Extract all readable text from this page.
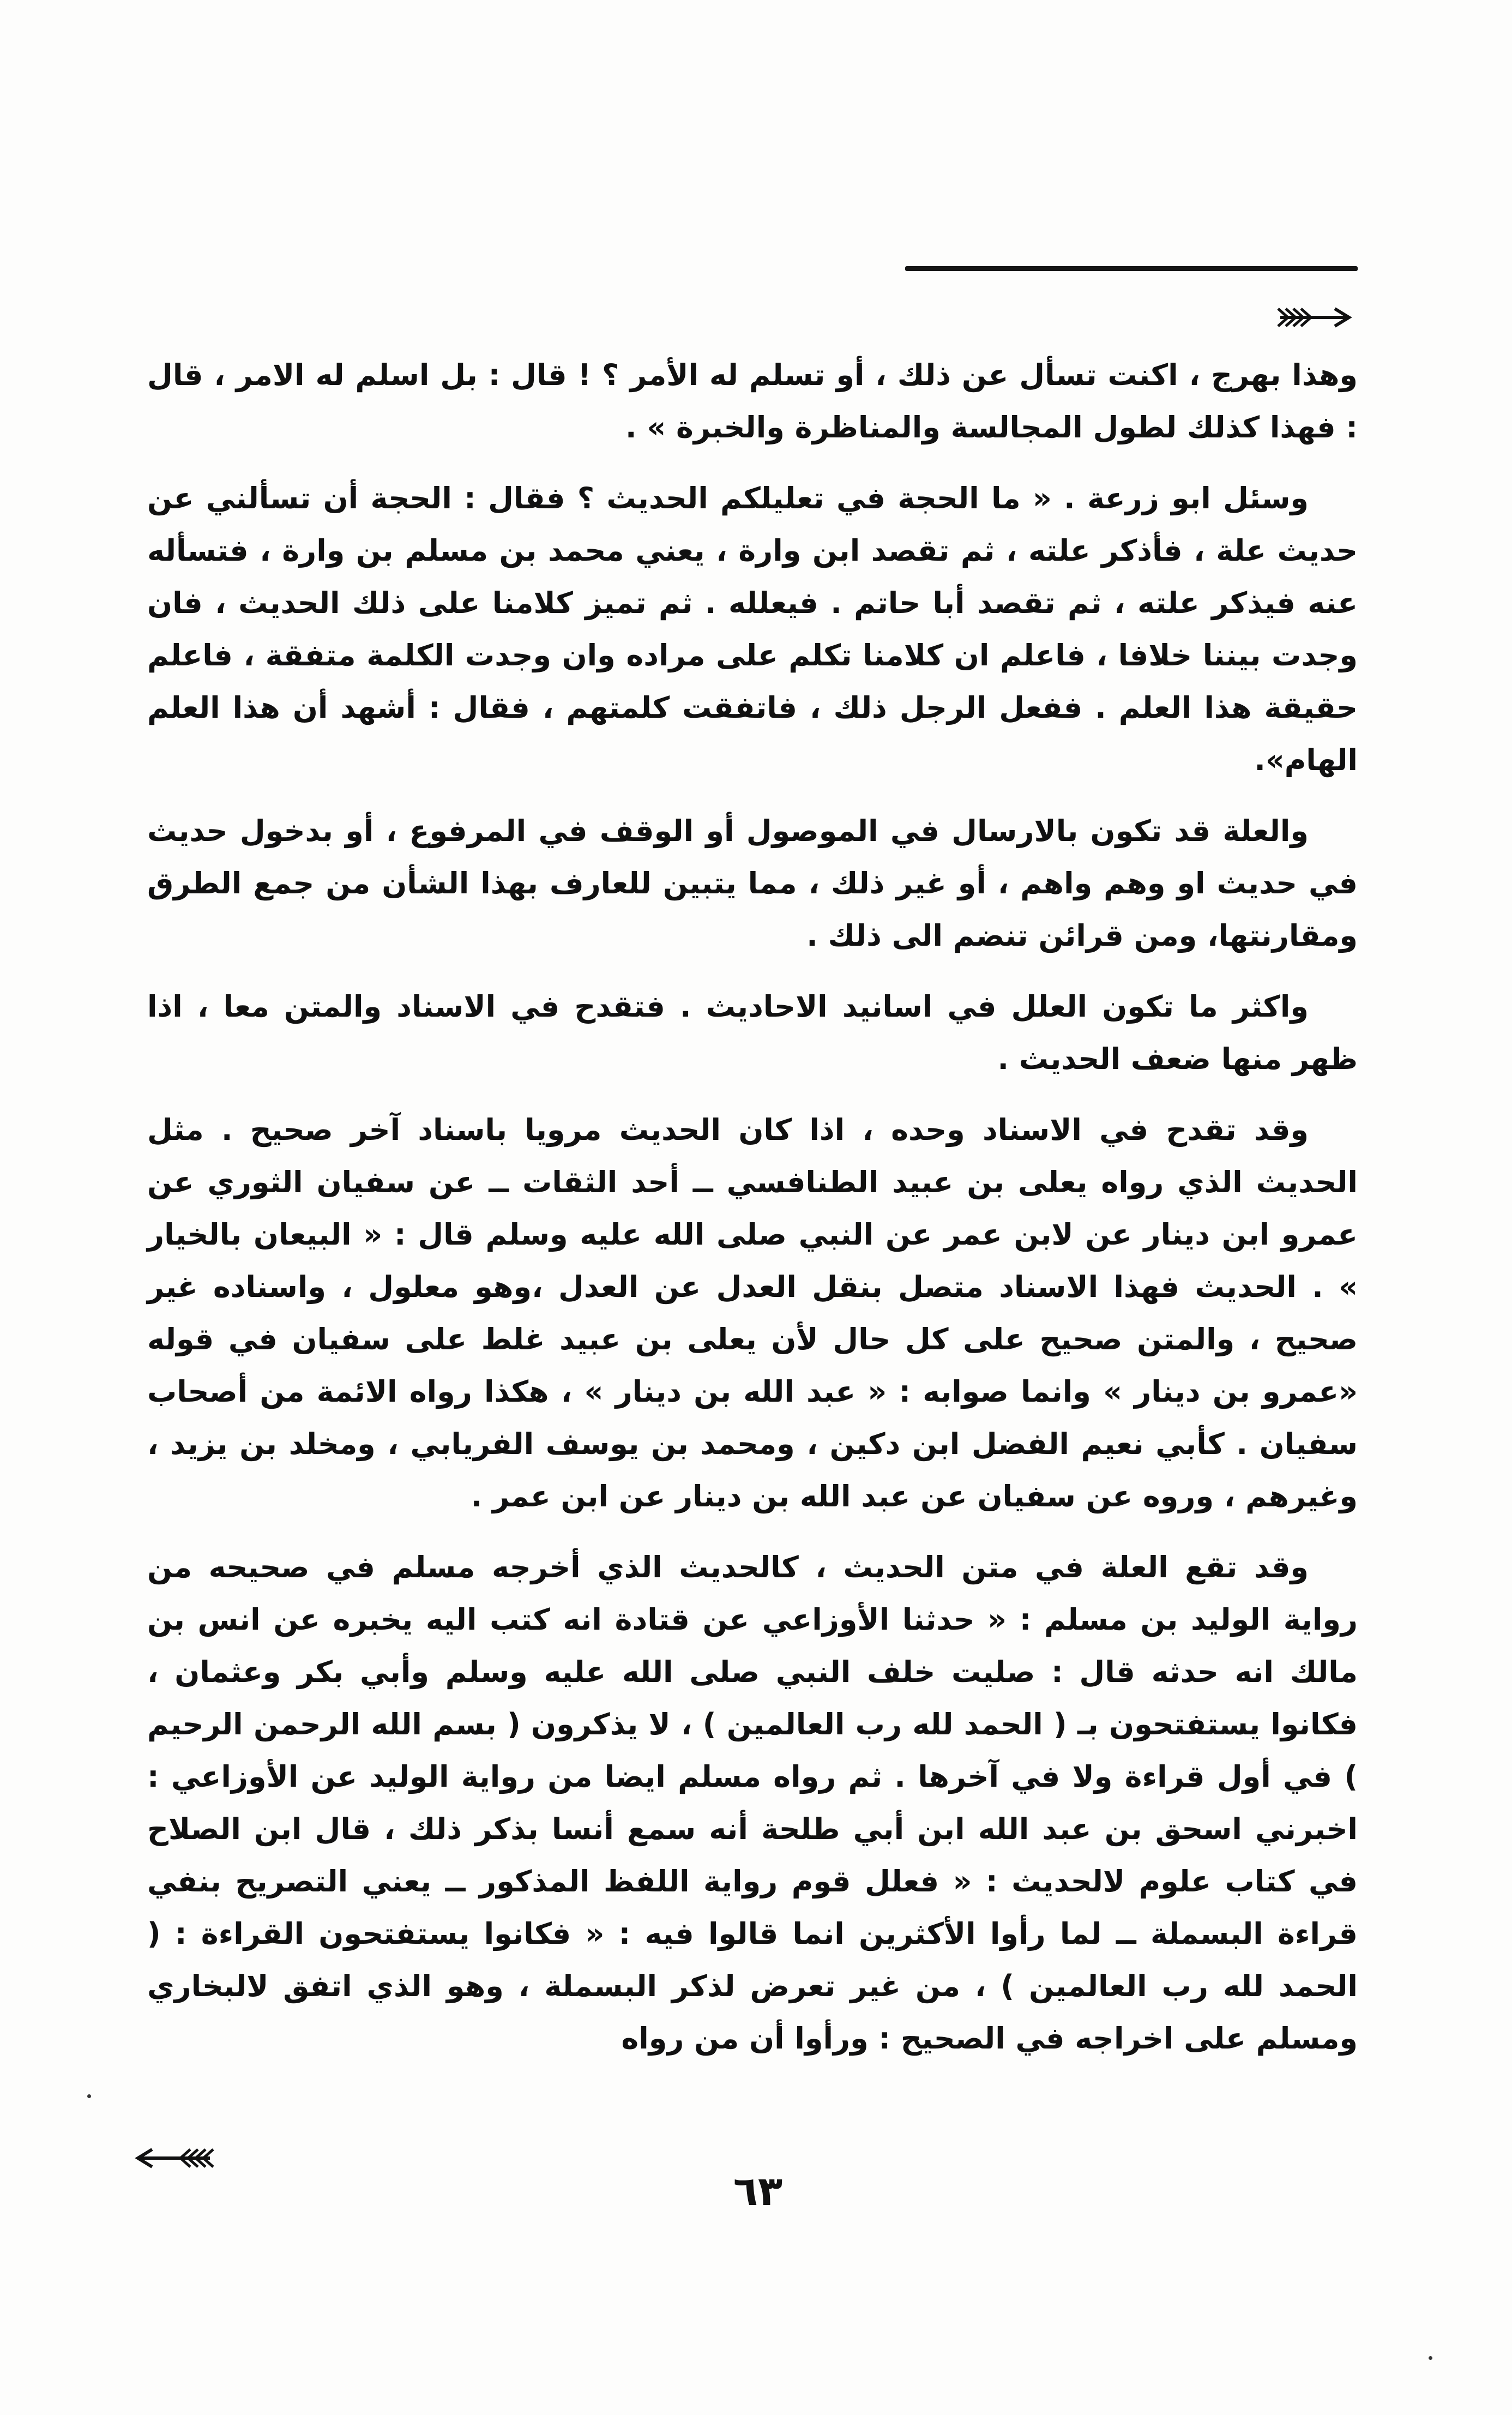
وهذا بهرج ، اكنت تسأل عن ذلك ، أو تسلم له الأمر ؟ ! قال : بل اسلم له الامر ، قال : فهذا كذلك لطول المجالسة والمناظرة والخبرة » .

وسئل ابو زرعة . « ما الحجة في تعليلكم الحديث ؟ فقال : الحجة أن تسألني عن حديث علة ، فأذكر علته ، ثم تقصد ابن وارة ، يعني محمد بن مسلم بن وارة ، فتسأله عنه فيذكر علته ، ثم تقصد أبا حاتم . فيعلله . ثم تميز كلامنا على ذلك الحديث ، فان وجدت بيننا خلافا ، فاعلم ان كلامنا تكلم على مراده وان وجدت الكلمة متفقة ، فاعلم حقيقة هذا العلم . ففعل الرجل ذلك ، فاتفقت كلمتهم ، فقال : أشهد أن هذا العلم الهام».

والعلة قد تكون بالارسال في الموصول أو الوقف في المرفوع ، أو بدخول حديث في حديث او وهم واهم ، أو غير ذلك ، مما يتبين للعارف بهذا الشأن من جمع الطرق ومقارنتها، ومن قرائن تنضم الى ذلك .

واكثر ما تكون العلل في اسانيد الاحاديث . فتقدح في الاسناد والمتن معا ، اذا ظهر منها ضعف الحديث .

وقد تقدح في الاسناد وحده ، اذا كان الحديث مرويا باسناد آخر صحيح . مثل الحديث الذي رواه يعلى بن عبيد الطنافسي ــ أحد الثقات ــ عن سفيان الثوري عن عمرو ابن دينار عن لابن عمر عن النبي صلى الله عليه وسلم قال : « البيعان بالخيار » . الحديث فهذا الاسناد متصل بنقل العدل عن العدل ،وهو معلول ، واسناده غير صحيح ، والمتن صحيح على كل حال لأن يعلى بن عبيد غلط على سفيان في قوله «عمرو بن دينار » وانما صوابه : « عبد الله بن دينار » ، هكذا رواه الائمة من أصحاب سفيان . كأبي نعيم الفضل ابن دكين ، ومحمد بن يوسف الفريابي ، ومخلد بن يزيد ، وغيرهم ، وروه عن سفيان عن عبد الله بن دينار عن ابن عمر .

وقد تقع العلة في متن الحديث ، كالحديث الذي أخرجه مسلم في صحيحه من رواية الوليد بن مسلم : « حدثنا الأوزاعي عن قتادة انه كتب اليه يخبره عن انس بن مالك انه حدثه قال : صليت خلف النبي صلى الله عليه وسلم وأبي بكر وعثمان ، فكانوا يستفتحون بـ ( الحمد لله رب العالمين ) ، لا يذكرون ( بسم الله الرحمن الرحيم ) في أول قراءة ولا في آخرها . ثم رواه مسلم ايضا من رواية الوليد عن الأوزاعي : اخبرني اسحق بن عبد الله ابن أبي طلحة أنه سمع أنسا بذكر ذلك ، قال ابن الصلاح في كتاب علوم لالحديث : « فعلل قوم رواية اللفظ المذكور ــ يعني التصريح بنفي قراءة البسملة ــ لما رأوا الأكثرين انما قالوا فيه : « فكانوا يستفتحون القراءة : ( الحمد لله رب العالمين ) ، من غير تعرض لذكر البسملة ، وهو الذي اتفق لالبخاري ومسلم على اخراجه في الصحيح : ورأوا أن من رواه

٦٣
